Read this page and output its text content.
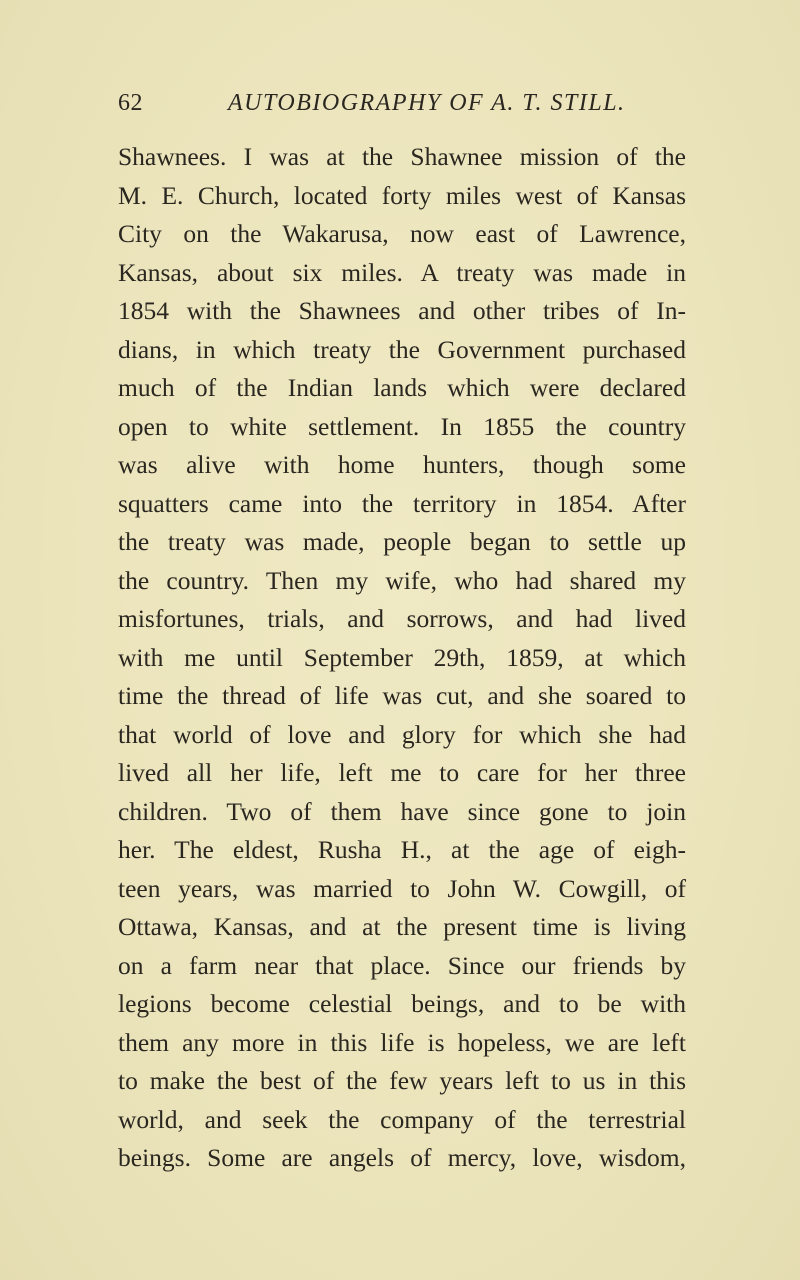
62	AUTOBIOGRAPHY OF A. T. STILL.
Shawnees. I was at the Shawnee mission of the
M. E. Church, located forty miles west of Kansas
City on the Wakarusa, now east of Lawrence,
Kansas, about six miles. A treaty was made in
1854 with the Shawnees and other tribes of In-
dians, in which treaty the Government purchased
much of the Indian lands which were declared
open to white settlement. In 1855 the country
was alive with home hunters, though some
squatters came into the territory in 1854. After
the treaty was made, people began to settle up
the country. Then my wife, who had shared my
misfortunes, trials, and sorrows, and had lived
with me until September 29th, 1859, at which
time the thread of life was cut, and she soared to
that world of love and glory for which she had
lived all her life, left me to care for her three
children. Two of them have since gone to join
her. The eldest, Rusha H., at the age of eigh-
teen years, was married to John W. Cowgill, of
Ottawa, Kansas, and at the present time is living
on a farm near that place. Since our friends by
legions become celestial beings, and to be with
them any more in this life is hopeless, we are left
to make the best of the few years left to us in this
world, and seek the company of the terrestrial
beings. Some are angels of mercy, love, wisdom,
